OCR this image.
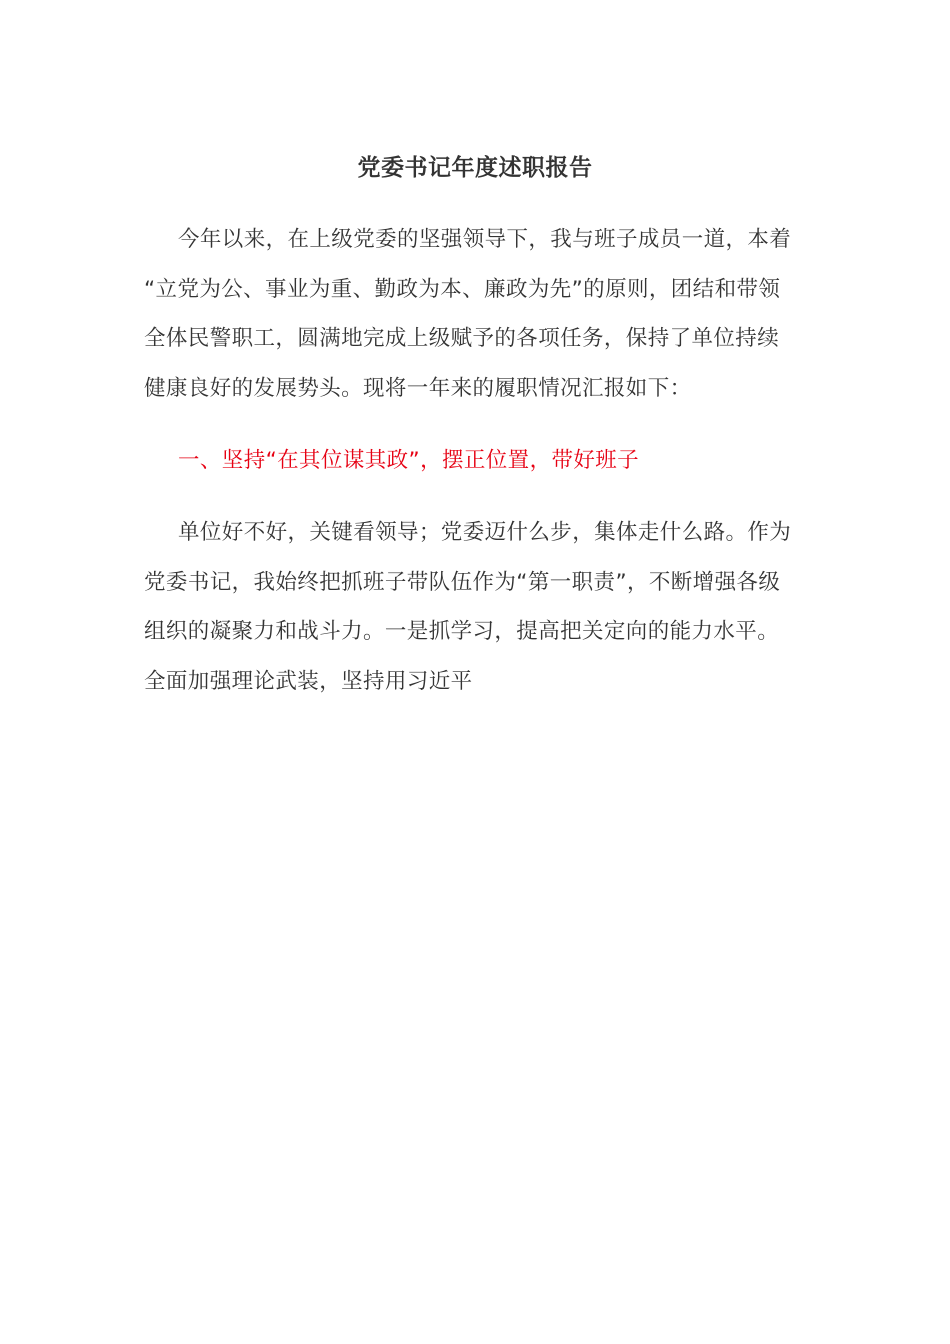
党委书记年度述职报告
今年以来，在上级党委的坚强领导下，我与班子成员一道，本着
“立党为公、事业为重、勤政为本、廉政为先”的原则，团结和带领
全体民警职工，圆满地完成上级赋予的各项任务，保持了单位持续
健康良好的发展势头。现将一年来的履职情况汇报如下：
一、坚持“在其位谋其政”，摆正位置，带好班子
单位好不好，关键看领导；党委迈什么步，集体走什么路。作为
党委书记，我始终把抓班子带队伍作为“第一职责”，不断增强各级
组织的凝聚力和战斗力。一是抓学习，提高把关定向的能力水平。
全面加强理论武装，坚持用习近平
